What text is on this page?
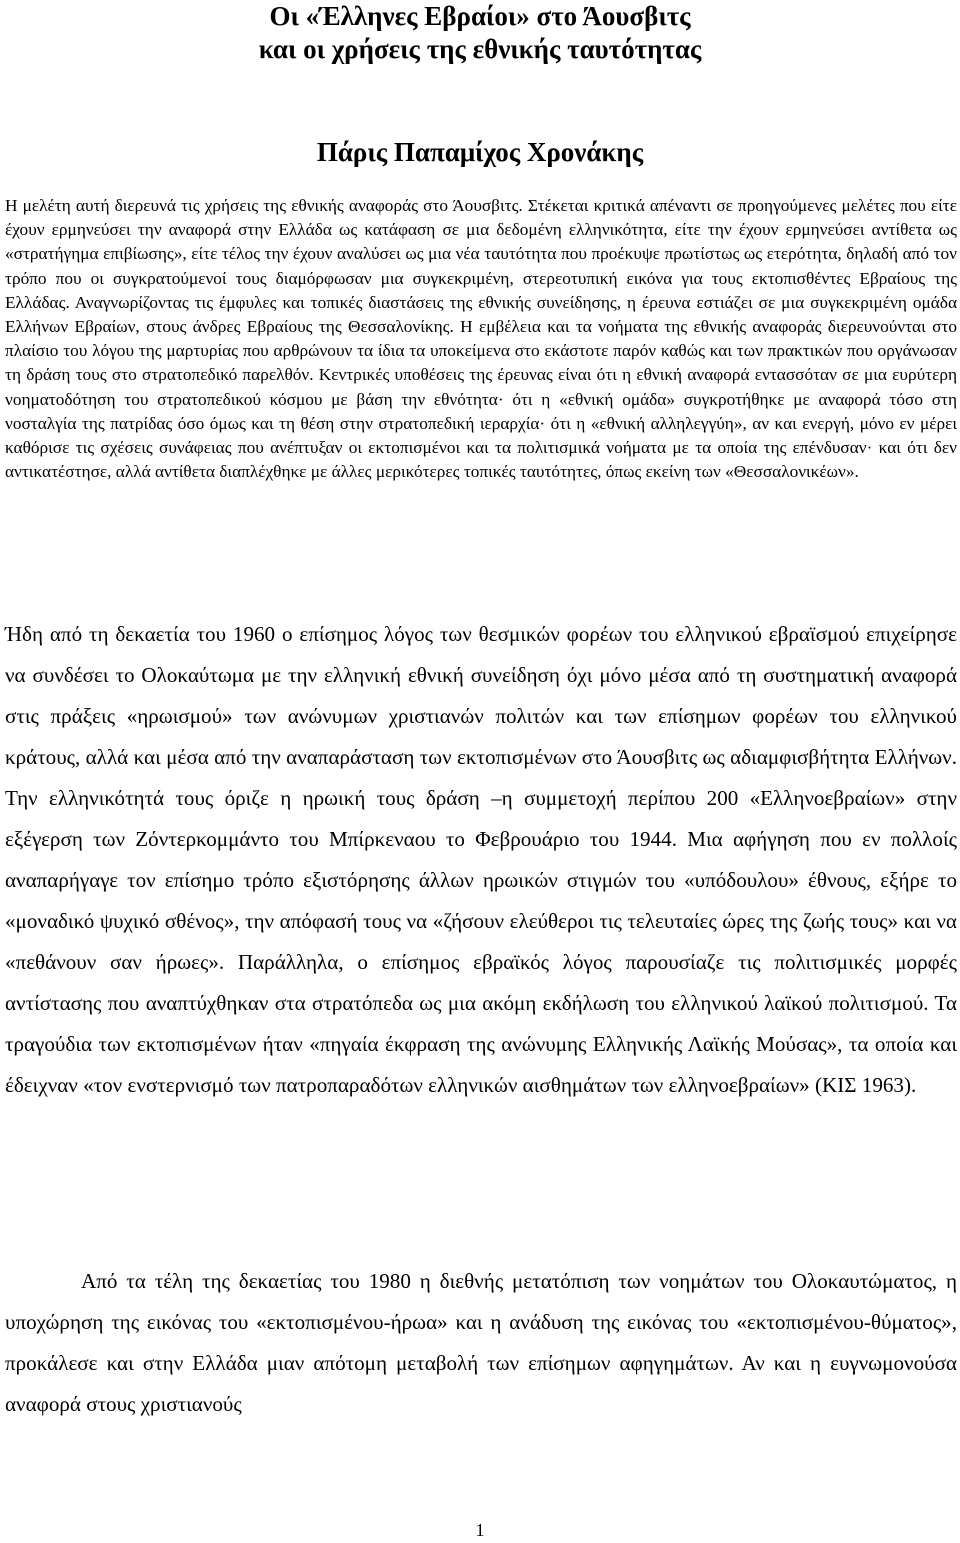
Οι «Έλληνες Εβραίοι» στο Άουσβιτς
και οι χρήσεις της εθνικής ταυτότητας
Πάρις Παπαμίχος Χρονάκης

Η μελέτη αυτή διερευνά τις χρήσεις της εθνικής αναφοράς στο Άουσβιτς. Στέκεται κριτικά απέναντι σε προηγούμενες μελέτες που είτε έχουν ερμηνεύσει την αναφορά στην Ελλάδα ως κατάφαση σε μια δεδομένη ελληνικότητα, είτε την έχουν ερμηνεύσει αντίθετα ως «στρατήγημα επιβίωσης», είτε τέλος την έχουν αναλύσει ως μια νέα ταυτότητα που προέκυψε πρωτίστως ως ετερότητα, δηλαδή από τον τρόπο που οι συγκρατούμενοί τους διαμόρφωσαν μια συγκεκριμένη, στερεοτυπική εικόνα για τους εκτοπισθέντες Εβραίους της Ελλάδας. Αναγνωρίζοντας τις έμφυλες και τοπικές διαστάσεις της εθνικής συνείδησης, η έρευνα εστιάζει σε μια συγκεκριμένη ομάδα Ελλήνων Εβραίων, στους άνδρες Εβραίους της Θεσσαλονίκης. Η εμβέλεια και τα νοήματα της εθνικής αναφοράς διερευνούνται στο πλαίσιο του λόγου της μαρτυρίας που αρθρώνουν τα ίδια τα υποκείμενα στο εκάστοτε παρόν καθώς και των πρακτικών που οργάνωσαν τη δράση τους στο στρατοπεδικό παρελθόν. Κεντρικές υποθέσεις της έρευνας είναι ότι η εθνική αναφορά εντασσόταν σε μια ευρύτερη νοηματοδότηση του στρατοπεδικού κόσμου με βάση την εθνότητα· ότι η «εθνική ομάδα» συγκροτήθηκε με αναφορά τόσο στη νοσταλγία της πατρίδας όσο όμως και τη θέση στην στρατοπεδική ιεραρχία· ότι η «εθνική αλληλεγγύη», αν και ενεργή, μόνο εν μέρει καθόρισε τις σχέσεις συνάφειας που ανέπτυξαν οι εκτοπισμένοι και τα πολιτισμικά νοήματα με τα οποία της επένδυσαν· και ότι δεν αντικατέστησε, αλλά αντίθετα διαπλέχθηκε με άλλες μερικότερες τοπικές ταυτότητες, όπως εκείνη των «Θεσσαλονικέων».

Ήδη από τη δεκαετία του 1960 ο επίσημος λόγος των θεσμικών φορέων του ελληνικού εβραϊσμού επιχείρησε να συνδέσει το Ολοκαύτωμα με την ελληνική εθνική συνείδηση όχι μόνο μέσα από τη συστηματική αναφορά στις πράξεις «ηρωισμού» των ανώνυμων χριστιανών πολιτών και των επίσημων φορέων του ελληνικού κράτους, αλλά και μέσα από την αναπαράσταση των εκτοπισμένων στο Άουσβιτς ως αδιαμφισβήτητα Ελλήνων. Την ελληνικότητά τους όριζε η ηρωική τους δράση –η συμμετοχή περίπου 200 «Ελληνοεβραίων» στην εξέγερση των Ζόντερκομμάντο του Μπίρκεναου το Φεβρουάριο του 1944. Μια αφήγηση που εν πολλοίς αναπαρήγαγε τον επίσημο τρόπο εξιστόρησης άλλων ηρωικών στιγμών του «υπόδουλου» έθνους, εξήρε το «μοναδικό ψυχικό σθένος», την απόφασή τους να «ζήσουν ελεύθεροι τις τελευταίες ώρες της ζωής τους» και να «πεθάνουν σαν ήρωες». Παράλληλα, ο επίσημος εβραϊκός λόγος παρουσίαζε τις πολιτισμικές μορφές αντίστασης που αναπτύχθηκαν στα στρατόπεδα ως μια ακόμη εκδήλωση του ελληνικού λαϊκού πολιτισμού. Τα τραγούδια των εκτοπισμένων ήταν «πηγαία έκφραση της ανώνυμης Ελληνικής Λαϊκής Μούσας», τα οποία και έδειχναν «τον ενστερνισμό των πατροπαραδότων ελληνικών αισθημάτων των ελληνοεβραίων» (ΚΙΣ 1963).

Από τα τέλη της δεκαετίας του 1980 η διεθνής μετατόπιση των νοημάτων του Ολοκαυτώματος, η υποχώρηση της εικόνας του «εκτοπισμένου-ήρωα» και η ανάδυση της εικόνας του «εκτοπισμένου-θύματος», προκάλεσε και στην Ελλάδα μιαν απότομη μεταβολή των επίσημων αφηγημάτων. Αν και η ευγνωμονούσα αναφορά στους χριστιανούς

1
